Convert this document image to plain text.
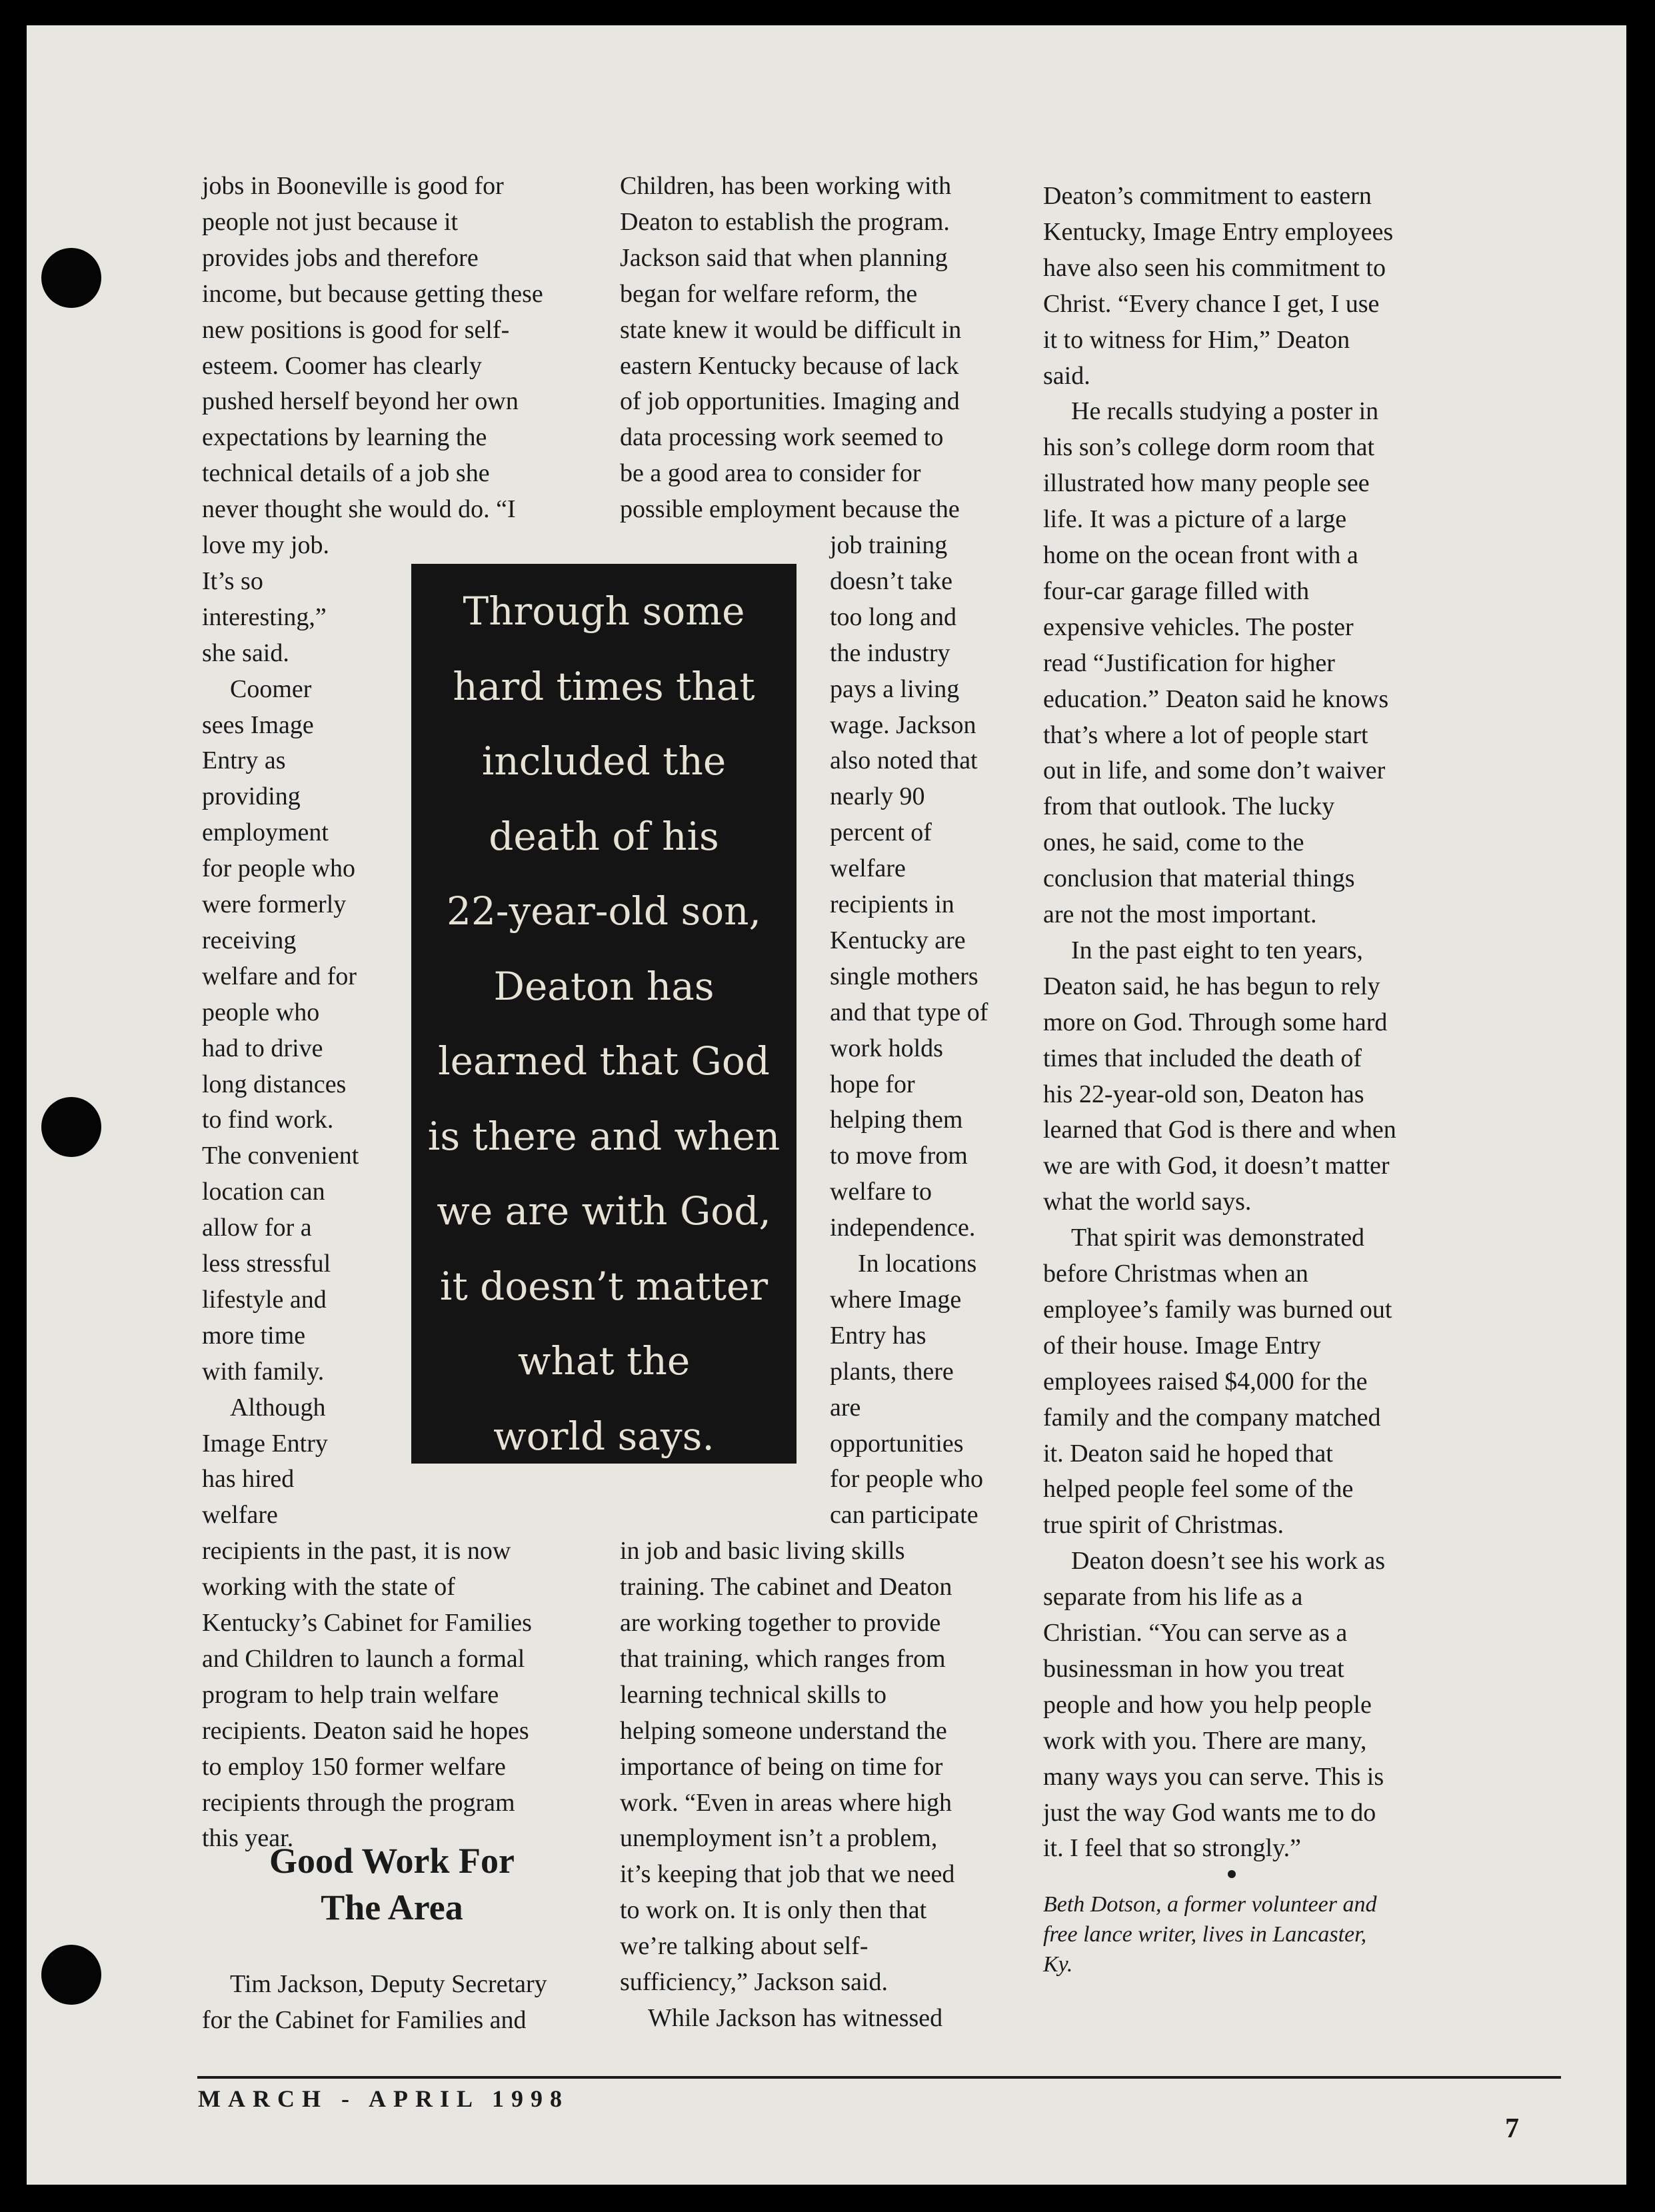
jobs in Booneville is good for
people not just because it
provides jobs and therefore
income, but because getting these
new positions is good for self-
esteem. Coomer has clearly
pushed herself beyond her own
expectations by learning the
technical details of a job she
never thought she would do. “I
love my job.
It’s so
interesting,”
she said.
Coomer
sees Image
Entry as
providing
employment
for people who
were formerly
receiving
welfare and for
people who
had to drive
long distances
to find work.
The convenient
location can
allow for a
less stressful
lifestyle and
more time
with family.
Although
Image Entry
has hired
welfare
recipients in the past, it is now
working with the state of
Kentucky’s Cabinet for Families
and Children to launch a formal
program to help train welfare
recipients. Deaton said he hopes
to employ 150 former welfare
recipients through the program
this year.
Good Work For
The Area
Tim Jackson, Deputy Secretary
for the Cabinet for Families and
Children, has been working with
Deaton to establish the program.
Jackson said that when planning
began for welfare reform, the
state knew it would be difficult in
eastern Kentucky because of lack
of job opportunities. Imaging and
data processing work seemed to
be a good area to consider for
possible employment because the
job training
doesn’t take
too long and
the industry
pays a living
wage. Jackson
also noted that
nearly 90
percent of
welfare
recipients in
Kentucky are
single mothers
and that type of
work holds
hope for
helping them
to move from
welfare to
independence.
In locations
where Image
Entry has
plants, there
are
opportunities
for people who
can participate
in job and basic living skills
training. The cabinet and Deaton
are working together to provide
that training, which ranges from
learning technical skills to
helping someone understand the
importance of being on time for
work. “Even in areas where high
unemployment isn’t a problem,
it’s keeping that job that we need
to work on. It is only then that
we’re talking about self-
sufficiency,” Jackson said.
While Jackson has witnessed
Deaton’s commitment to eastern
Kentucky, Image Entry employees
have also seen his commitment to
Christ. “Every chance I get, I use
it to witness for Him,” Deaton
said.
He recalls studying a poster in
his son’s college dorm room that
illustrated how many people see
life. It was a picture of a large
home on the ocean front with a
four-car garage filled with
expensive vehicles. The poster
read “Justification for higher
education.” Deaton said he knows
that’s where a lot of people start
out in life, and some don’t waiver
from that outlook. The lucky
ones, he said, come to the
conclusion that material things
are not the most important.
In the past eight to ten years,
Deaton said, he has begun to rely
more on God. Through some hard
times that included the death of
his 22-year-old son, Deaton has
learned that God is there and when
we are with God, it doesn’t matter
what the world says.
That spirit was demonstrated
before Christmas when an
employee’s family was burned out
of their house. Image Entry
employees raised $4,000 for the
family and the company matched
it. Deaton said he hoped that
helped people feel some of the
true spirit of Christmas.
Deaton doesn’t see his work as
separate from his life as a
Christian. “You can serve as a
businessman in how you treat
people and how you help people
work with you. There are many,
many ways you can serve. This is
just the way God wants me to do
it. I feel that so strongly.”
Beth Dotson, a former volunteer and
free lance writer, lives in Lancaster,
Ky.
Through some
hard times that
included the
death of his
22-year-old son,
Deaton has
learned that God
is there and when
we are with God,
it doesn’t matter
what the
world says.
MARCH - APRIL 1998
7
